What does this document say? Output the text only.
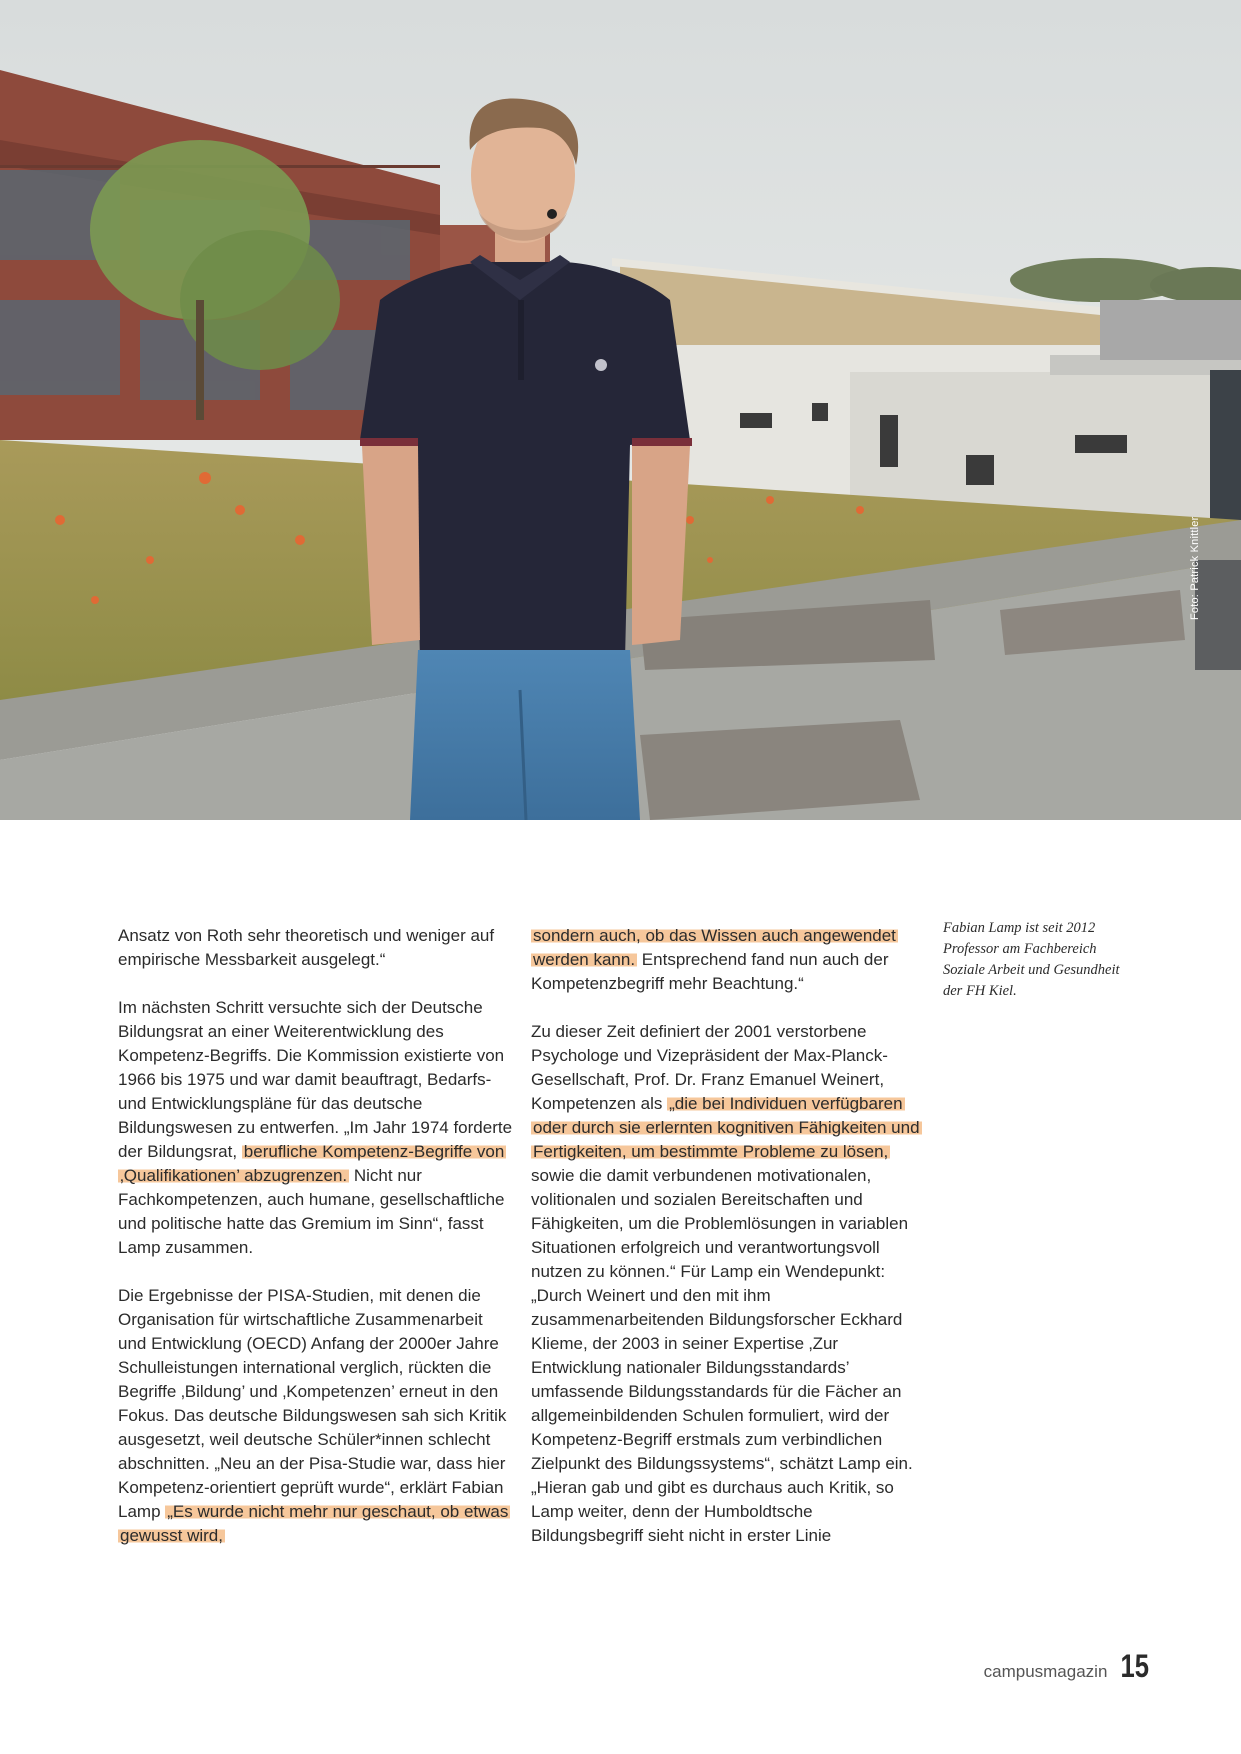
Foto: Patrick Knittler

Ansatz von Roth sehr theoretisch und weniger auf empirische Messbarkeit ausgelegt.“

Im nächsten Schritt versuchte sich der Deutsche Bildungsrat an einer Weiterentwicklung des Kompetenz-Begriffs. Die Kommission existierte von 1966 bis 1975 und war damit beauftragt, Bedarfs- und Entwicklungspläne für das deutsche Bildungswesen zu entwerfen. „Im Jahr 1974 forderte der Bildungsrat, berufliche Kompetenz-Begriffe von ‚Qualifikationen’ abzugrenzen. Nicht nur Fachkompetenzen, auch humane, gesellschaftliche und politische hatte das Gremium im Sinn“, fasst Lamp zusammen.

Die Ergebnisse der PISA-Studien, mit denen die Organisation für wirtschaftliche Zusammenarbeit und Entwicklung (OECD) Anfang der 2000er Jahre Schulleistungen international verglich, rückten die Begriffe ‚Bildung’ und ‚Kompetenzen’ erneut in den Fokus. Das deutsche Bildungswesen sah sich Kritik ausgesetzt, weil deutsche Schüler*innen schlecht abschnitten. „Neu an der Pisa-Studie war, dass hier Kompetenz-orientiert geprüft wurde“, erklärt Fabian Lamp „Es wurde nicht mehr nur geschaut, ob etwas gewusst wird,

sondern auch, ob das Wissen auch angewendet werden kann. Entsprechend fand nun auch der Kompetenzbegriff mehr Beachtung.“

Zu dieser Zeit definiert der 2001 verstorbene Psychologe und Vizepräsident der Max-Planck-Gesellschaft, Prof. Dr. Franz Emanuel Weinert, Kompetenzen als „die bei Individuen verfügbaren oder durch sie erlernten kognitiven Fähigkeiten und Fertigkeiten, um bestimmte Probleme zu lösen, sowie die damit verbundenen motivationalen, volitionalen und sozialen Bereitschaften und Fähigkeiten, um die Problemlösungen in variablen Situationen erfolgreich und verantwortungsvoll nutzen zu können.“ Für Lamp ein Wendepunkt: „Durch Weinert und den mit ihm zusammenarbeitenden Bildungsforscher Eckhard Klieme, der 2003 in seiner Expertise ‚Zur Entwicklung nationaler Bildungsstandards’ umfassende Bildungsstandards für die Fächer an allgemeinbildenden Schulen formuliert, wird der Kompetenz-Begriff erstmals zum verbindlichen Zielpunkt des Bildungssystems“, schätzt Lamp ein. „Hieran gab und gibt es durchaus auch Kritik, so Lamp weiter, denn der Humboldtsche Bildungsbegriff sieht nicht in erster Linie

Fabian Lamp ist seit 2012 Professor am Fachbereich Soziale Arbeit und Gesundheit der FH Kiel.
campusmagazin 15
